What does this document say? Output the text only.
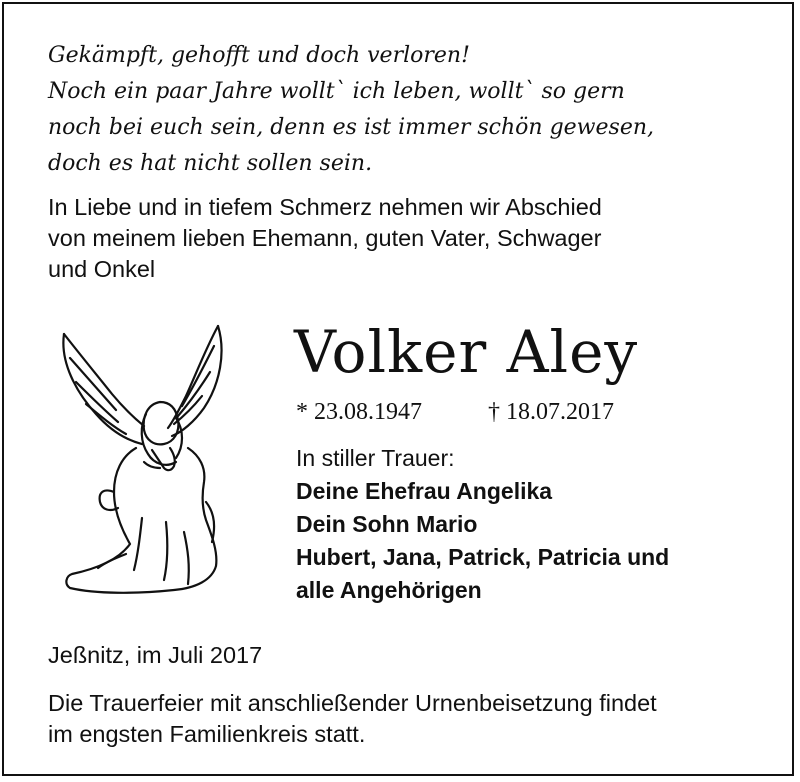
Gekämpft, gehofft und doch verloren!
Noch ein paar Jahre wollt` ich leben, wollt` so gern
noch bei euch sein, denn es ist immer schön gewesen,
doch es hat nicht sollen sein.
In Liebe und in tiefem Schmerz nehmen wir Abschied
von meinem lieben Ehemann, guten Vater, Schwager
und Onkel
Volker Aley
* 23.08.1947	† 18.07.2017
In stiller Trauer:
Deine Ehefrau Angelika
Dein Sohn Mario
Hubert, Jana, Patrick, Patricia und
alle Angehörigen
Jeßnitz, im Juli 2017
Die Trauerfeier mit anschließender Urnenbeisetzung findet
im engsten Familienkreis statt.
